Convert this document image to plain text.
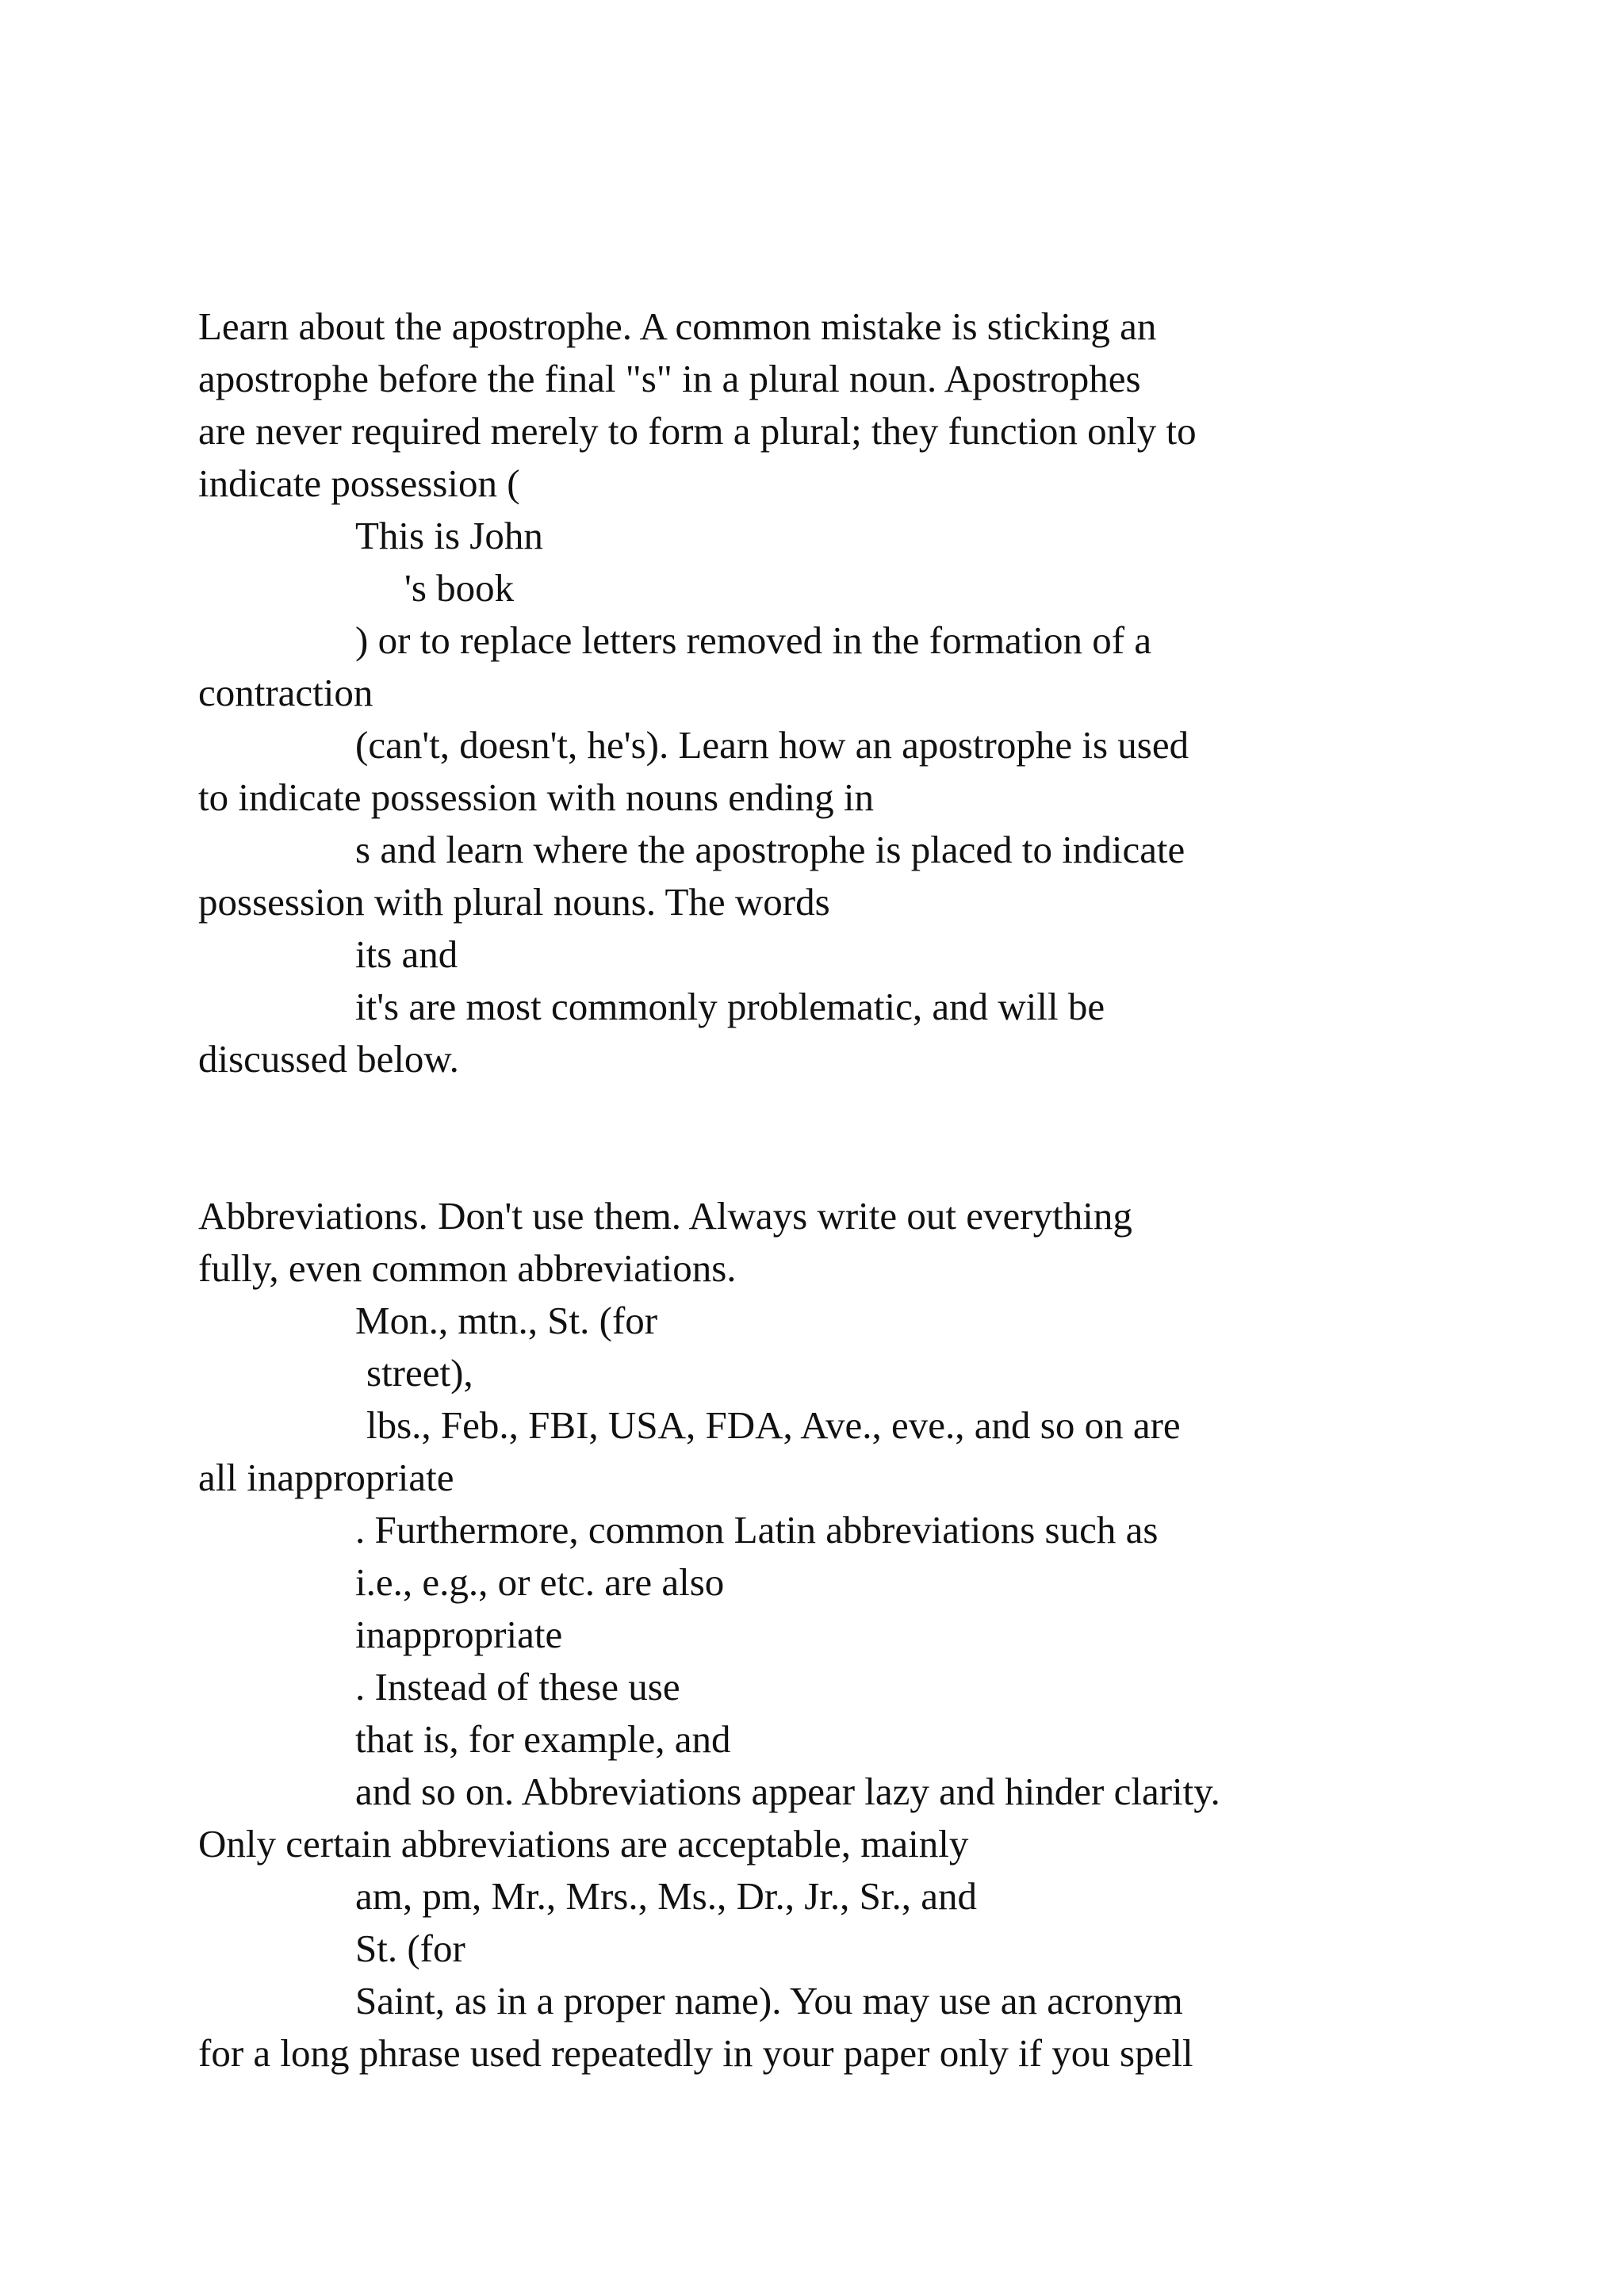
Learn about the apostrophe. A common mistake is sticking an
apostrophe before the final "s" in a plural noun. Apostrophes
are never required merely to form a plural; they function only to
indicate possession (
This is John
's book
) or to replace letters removed in the formation of a
contraction
(can't, doesn't, he's). Learn how an apostrophe is used
to indicate possession with nouns ending in
s and learn where the apostrophe is placed to indicate
possession with plural nouns. The words
its and
it's are most commonly problematic, and will be
discussed below.
Abbreviations. Don't use them. Always write out everything
fully, even common abbreviations.
Mon., mtn., St. (for
street),
lbs., Feb., FBI, USA, FDA, Ave., eve., and so on are
all inappropriate
. Furthermore, common Latin abbreviations such as
i.e., e.g., or etc. are also
inappropriate
. Instead of these use
that is, for example, and
and so on. Abbreviations appear lazy and hinder clarity.
Only certain abbreviations are acceptable, mainly
am, pm, Mr., Mrs., Ms., Dr., Jr., Sr., and
St. (for
Saint, as in a proper name). You may use an acronym
for a long phrase used repeatedly in your paper only if you spell
